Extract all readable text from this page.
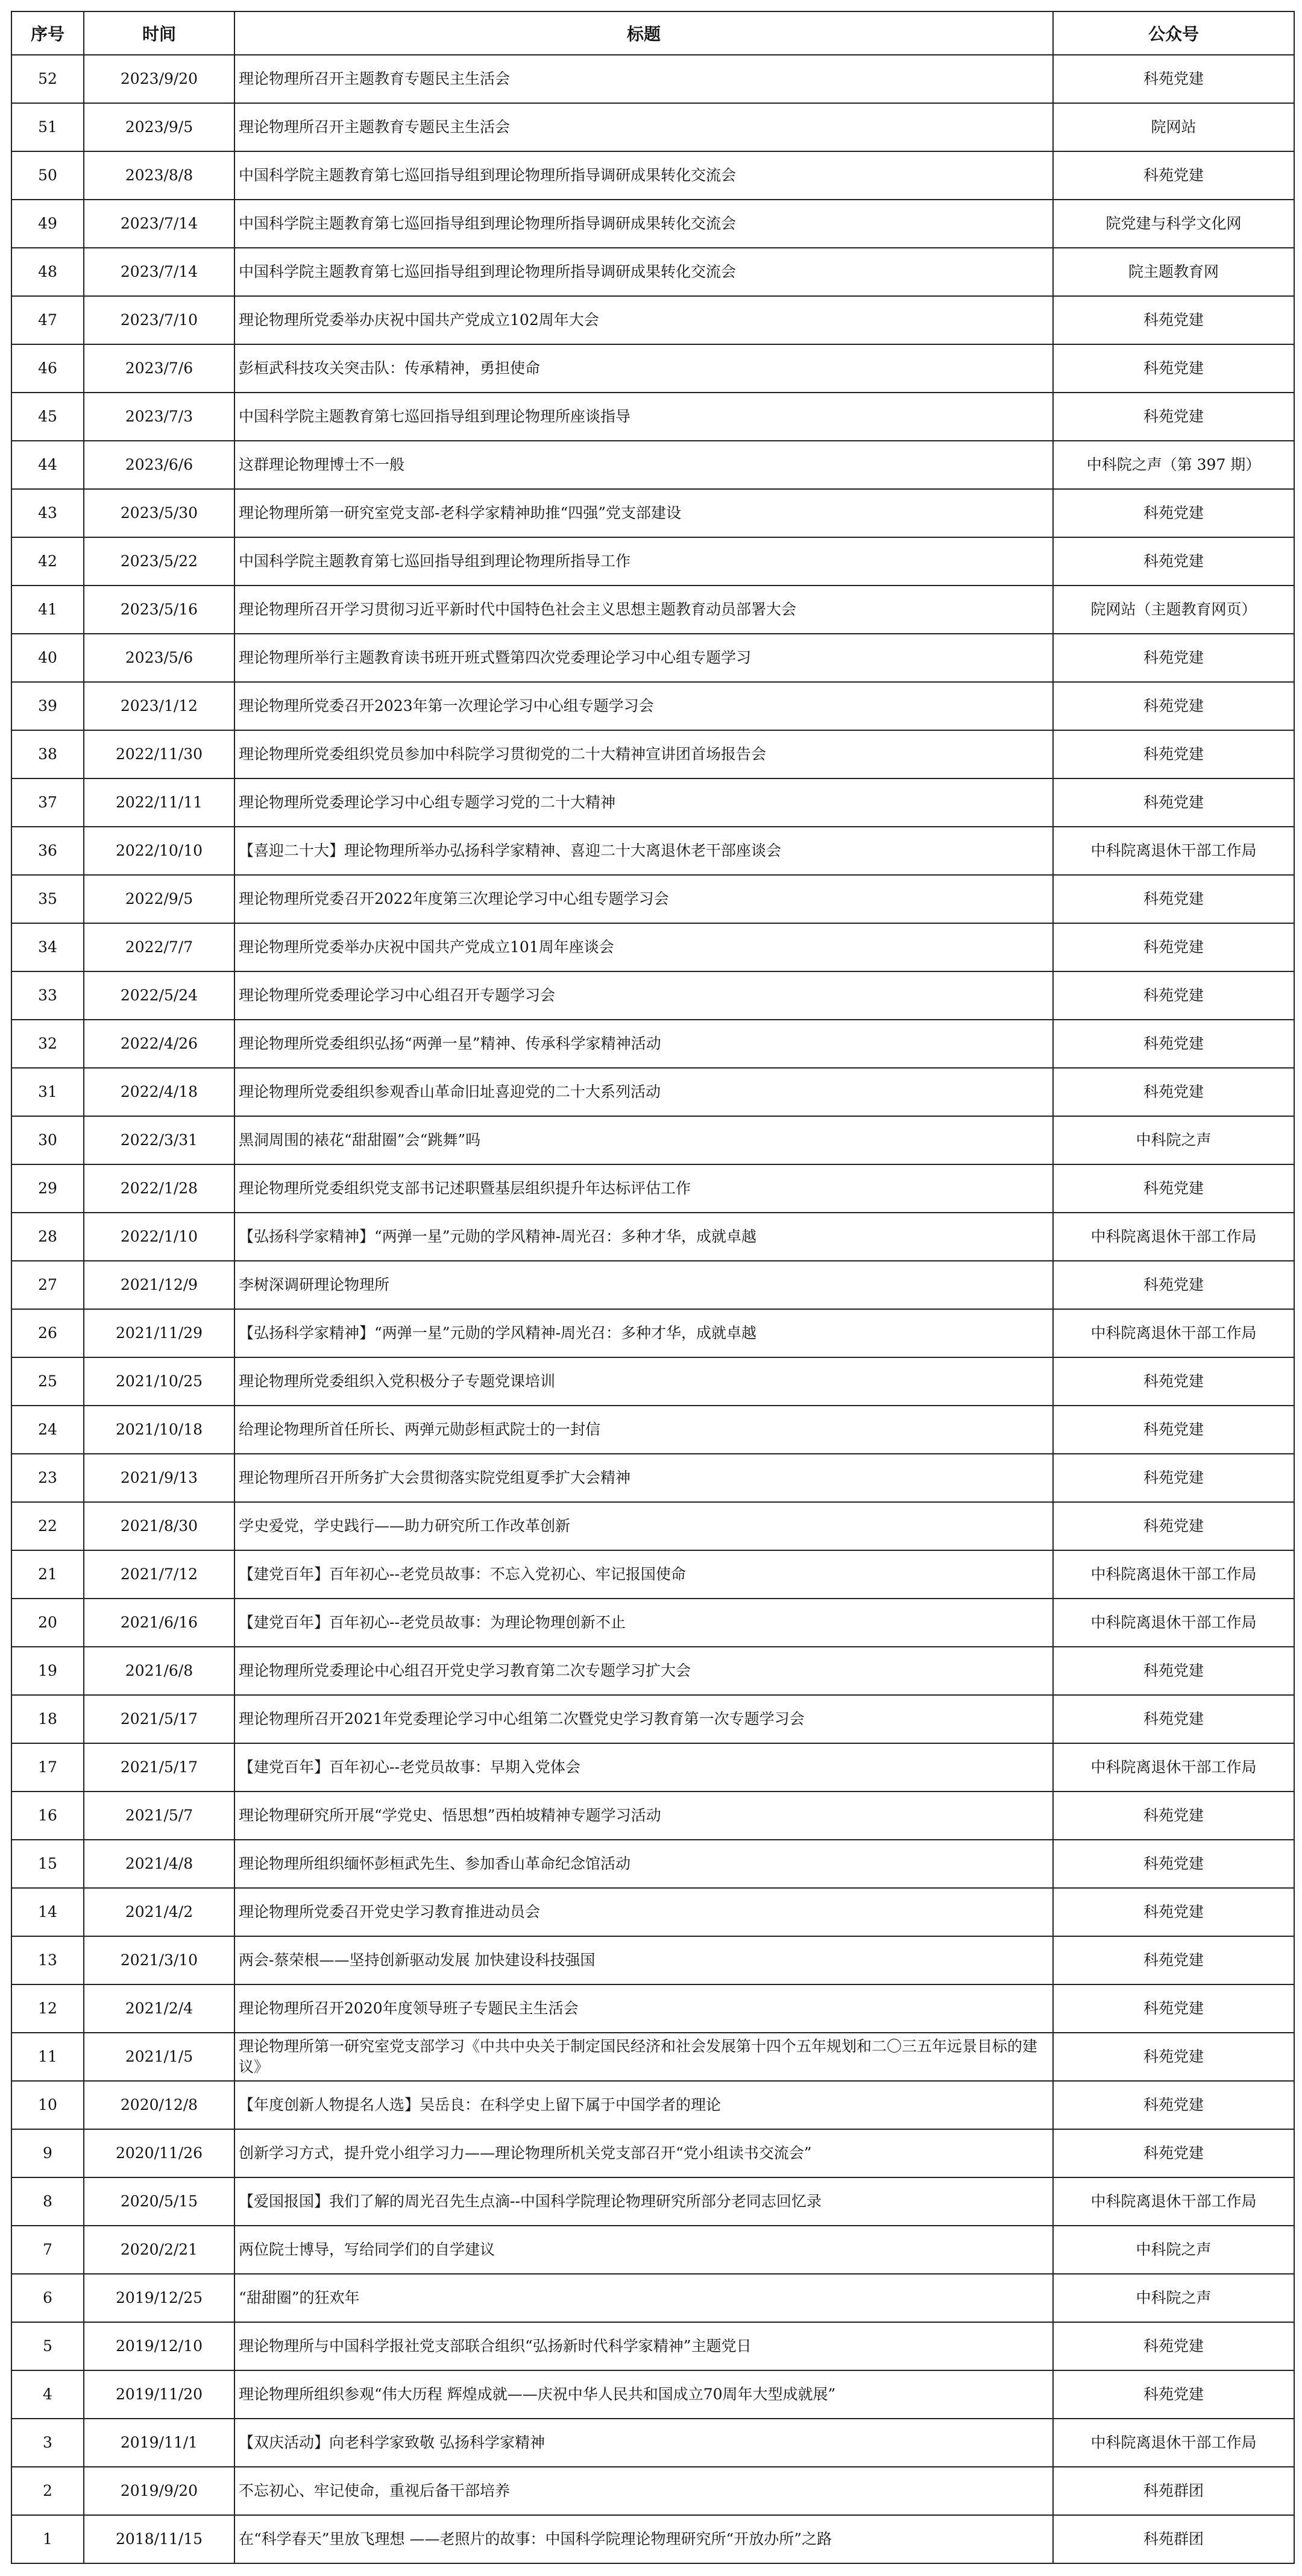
序号	时间	标题	公众号
52	2023/9/20	理论物理所召开主题教育专题民主生活会	科苑党建
51	2023/9/5	理论物理所召开主题教育专题民主生活会	院网站
50	2023/8/8	中国科学院主题教育第七巡回指导组到理论物理所指导调研成果转化交流会	科苑党建
49	2023/7/14	中国科学院主题教育第七巡回指导组到理论物理所指导调研成果转化交流会	院党建与科学文化网
48	2023/7/14	中国科学院主题教育第七巡回指导组到理论物理所指导调研成果转化交流会	院主题教育网
47	2023/7/10	理论物理所党委举办庆祝中国共产党成立102周年大会	科苑党建
46	2023/7/6	彭桓武科技攻关突击队：传承精神，勇担使命	科苑党建
45	2023/7/3	中国科学院主题教育第七巡回指导组到理论物理所座谈指导	科苑党建
44	2023/6/6	这群理论物理博士不一般	中科院之声（第 397 期）
43	2023/5/30	理论物理所第一研究室党支部-老科学家精神助推“四强”党支部建设	科苑党建
42	2023/5/22	中国科学院主题教育第七巡回指导组到理论物理所指导工作	科苑党建
41	2023/5/16	理论物理所召开学习贯彻习近平新时代中国特色社会主义思想主题教育动员部署大会	院网站（主题教育网页）
40	2023/5/6	理论物理所举行主题教育读书班开班式暨第四次党委理论学习中心组专题学习	科苑党建
39	2023/1/12	理论物理所党委召开2023年第一次理论学习中心组专题学习会	科苑党建
38	2022/11/30	理论物理所党委组织党员参加中科院学习贯彻党的二十大精神宣讲团首场报告会	科苑党建
37	2022/11/11	理论物理所党委理论学习中心组专题学习党的二十大精神	科苑党建
36	2022/10/10	【喜迎二十大】理论物理所举办弘扬科学家精神、喜迎二十大离退休老干部座谈会	中科院离退休干部工作局
35	2022/9/5	理论物理所党委召开2022年度第三次理论学习中心组专题学习会	科苑党建
34	2022/7/7	理论物理所党委举办庆祝中国共产党成立101周年座谈会	科苑党建
33	2022/5/24	理论物理所党委理论学习中心组召开专题学习会	科苑党建
32	2022/4/26	理论物理所党委组织弘扬“两弹一星”精神、传承科学家精神活动	科苑党建
31	2022/4/18	理论物理所党委组织参观香山革命旧址喜迎党的二十大系列活动	科苑党建
30	2022/3/31	黑洞周围的裱花“甜甜圈”会“跳舞”吗	中科院之声
29	2022/1/28	理论物理所党委组织党支部书记述职暨基层组织提升年达标评估工作	科苑党建
28	2022/1/10	【弘扬科学家精神】“两弹一星”元勋的学风精神-周光召：多种才华，成就卓越	中科院离退休干部工作局
27	2021/12/9	李树深调研理论物理所	科苑党建
26	2021/11/29	【弘扬科学家精神】“两弹一星”元勋的学风精神-周光召：多种才华，成就卓越	中科院离退休干部工作局
25	2021/10/25	理论物理所党委组织入党积极分子专题党课培训	科苑党建
24	2021/10/18	给理论物理所首任所长、两弹元勋彭桓武院士的一封信	科苑党建
23	2021/9/13	理论物理所召开所务扩大会贯彻落实院党组夏季扩大会精神	科苑党建
22	2021/8/30	学史爱党，学史践行——助力研究所工作改革创新	科苑党建
21	2021/7/12	【建党百年】百年初心--老党员故事：不忘入党初心、牢记报国使命	中科院离退休干部工作局
20	2021/6/16	【建党百年】百年初心--老党员故事：为理论物理创新不止	中科院离退休干部工作局
19	2021/6/8	理论物理所党委理论中心组召开党史学习教育第二次专题学习扩大会	科苑党建
18	2021/5/17	理论物理所召开2021年党委理论学习中心组第二次暨党史学习教育第一次专题学习会	科苑党建
17	2021/5/17	【建党百年】百年初心--老党员故事：早期入党体会	中科院离退休干部工作局
16	2021/5/7	理论物理研究所开展“学党史、悟思想”西柏坡精神专题学习活动	科苑党建
15	2021/4/8	理论物理所组织缅怀彭桓武先生、参加香山革命纪念馆活动	科苑党建
14	2021/4/2	理论物理所党委召开党史学习教育推进动员会	科苑党建
13	2021/3/10	两会-蔡荣根——坚持创新驱动发展 加快建设科技强国	科苑党建
12	2021/2/4	理论物理所召开2020年度领导班子专题民主生活会	科苑党建
11	2021/1/5	理论物理所第一研究室党支部学习《中共中央关于制定国民经济和社会发展第十四个五年规划和二〇三五年远景目标的建议》	科苑党建
10	2020/12/8	【年度创新人物提名人选】吴岳良：在科学史上留下属于中国学者的理论	科苑党建
9	2020/11/26	创新学习方式，提升党小组学习力——理论物理所机关党支部召开“党小组读书交流会”	科苑党建
8	2020/5/15	【爱国报国】我们了解的周光召先生点滴--中国科学院理论物理研究所部分老同志回忆录	中科院离退休干部工作局
7	2020/2/21	两位院士博导，写给同学们的自学建议	中科院之声
6	2019/12/25	“甜甜圈”的狂欢年	中科院之声
5	2019/12/10	理论物理所与中国科学报社党支部联合组织“弘扬新时代科学家精神”主题党日	科苑党建
4	2019/11/20	理论物理所组织参观“伟大历程 辉煌成就——庆祝中华人民共和国成立70周年大型成就展”	科苑党建
3	2019/11/1	【双庆活动】向老科学家致敬 弘扬科学家精神	中科院离退休干部工作局
2	2019/9/20	不忘初心、牢记使命，重视后备干部培养	科苑群团
1	2018/11/15	在“科学春天”里放飞理想 ——老照片的故事：中国科学院理论物理研究所“开放办所”之路	科苑群团
